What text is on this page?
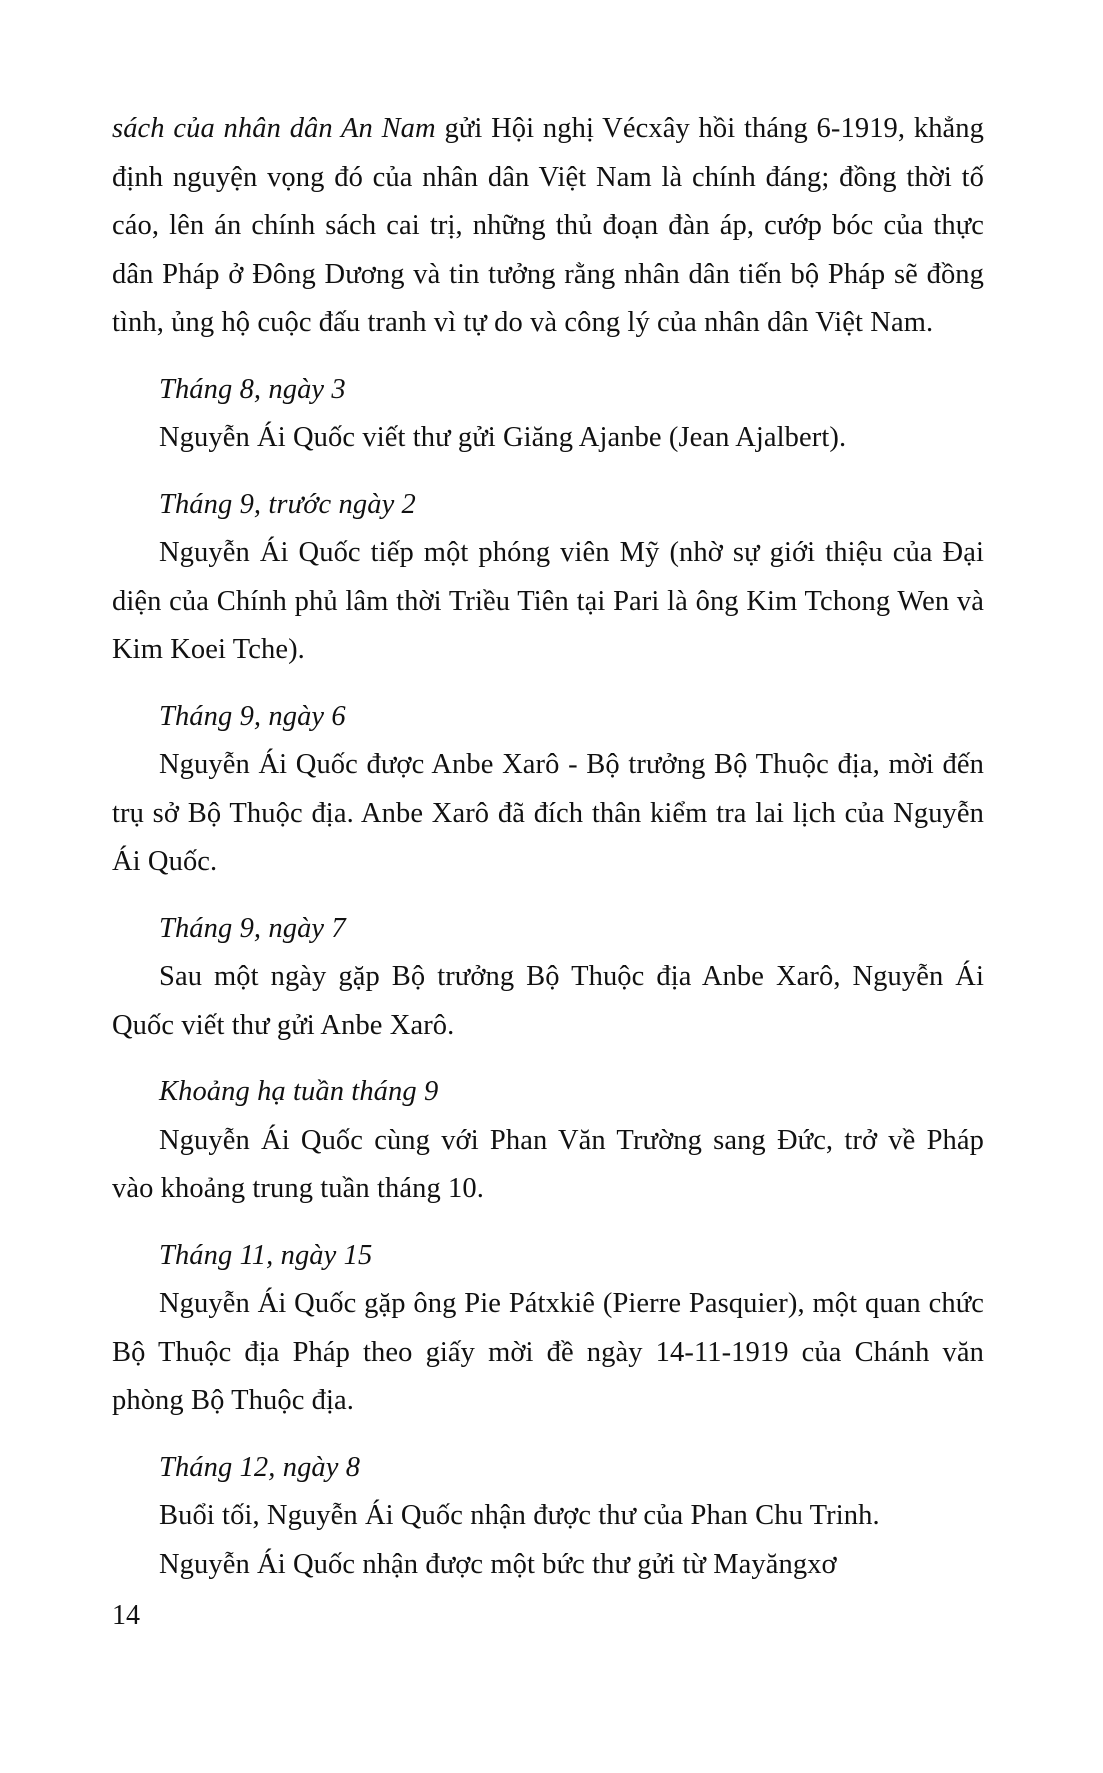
sách của nhân dân An Nam gửi Hội nghị Vécxây hồi tháng 6-1919, khẳng định nguyện vọng đó của nhân dân Việt Nam là chính đáng; đồng thời tố cáo, lên án chính sách cai trị, những thủ đoạn đàn áp, cướp bóc của thực dân Pháp ở Đông Dương và tin tưởng rằng nhân dân tiến bộ Pháp sẽ đồng tình, ủng hộ cuộc đấu tranh vì tự do và công lý của nhân dân Việt Nam.

Tháng 8, ngày 3

Nguyễn Ái Quốc viết thư gửi Giăng Ajanbe (Jean Ajalbert).

Tháng 9, trước ngày 2

Nguyễn Ái Quốc tiếp một phóng viên Mỹ (nhờ sự giới thiệu của Đại diện của Chính phủ lâm thời Triều Tiên tại Pari là ông Kim Tchong Wen và Kim Koei Tche).

Tháng 9, ngày 6

Nguyễn Ái Quốc được Anbe Xarô - Bộ trưởng Bộ Thuộc địa, mời đến trụ sở Bộ Thuộc địa. Anbe Xarô đã đích thân kiểm tra lai lịch của Nguyễn Ái Quốc.

Tháng 9, ngày 7

Sau một ngày gặp Bộ trưởng Bộ Thuộc địa Anbe Xarô, Nguyễn Ái Quốc viết thư gửi Anbe Xarô.

Khoảng hạ tuần tháng 9

Nguyễn Ái Quốc cùng với Phan Văn Trường sang Đức, trở về Pháp vào khoảng trung tuần tháng 10.

Tháng 11, ngày 15

Nguyễn Ái Quốc gặp ông Pie Pátxkiê (Pierre Pasquier), một quan chức Bộ Thuộc địa Pháp theo giấy mời đề ngày 14-11-1919 của Chánh văn phòng Bộ Thuộc địa.

Tháng 12, ngày 8

Buổi tối, Nguyễn Ái Quốc nhận được thư của Phan Chu Trinh.

Nguyễn Ái Quốc nhận được một bức thư gửi từ Mayăngxơ

14
